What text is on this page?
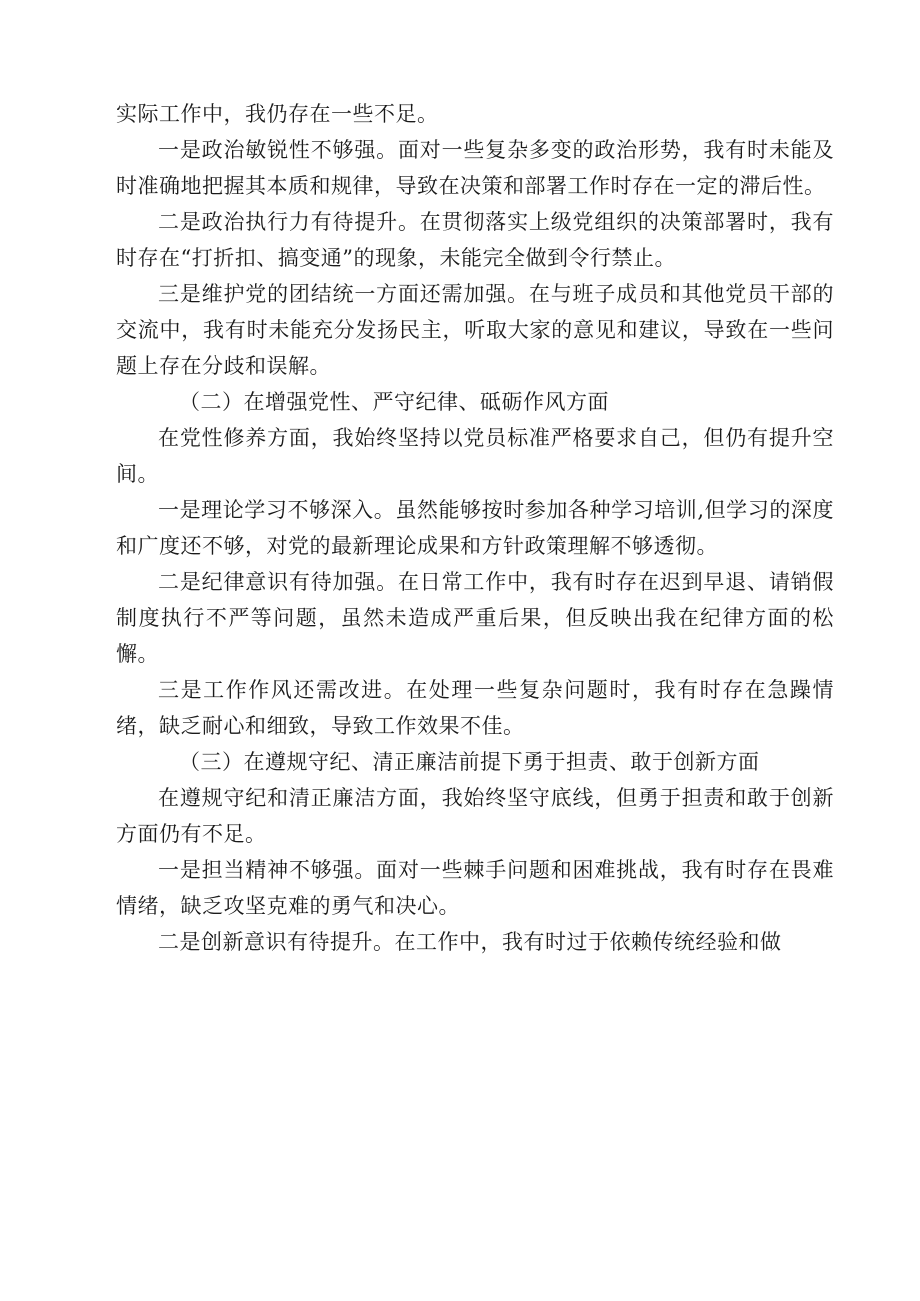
实际工作中，我仍存在一些不足。

一是政治敏锐性不够强。面对一些复杂多变的政治形势，我有时未能及时准确地把握其本质和规律，导致在决策和部署工作时存在一定的滞后性。

二是政治执行力有待提升。在贯彻落实上级党组织的决策部署时，我有时存在“打折扣、搞变通”的现象，未能完全做到令行禁止。

三是维护党的团结统一方面还需加强。在与班子成员和其他党员干部的交流中，我有时未能充分发扬民主，听取大家的意见和建议，导致在一些问题上存在分歧和误解。

（二）在增强党性、严守纪律、砥砺作风方面

在党性修养方面，我始终坚持以党员标准严格要求自己，但仍有提升空间。

一是理论学习不够深入。虽然能够按时参加各种学习培训,但学习的深度和广度还不够，对党的最新理论成果和方针政策理解不够透彻。

二是纪律意识有待加强。在日常工作中，我有时存在迟到早退、请销假制度执行不严等问题，虽然未造成严重后果，但反映出我在纪律方面的松懈。

三是工作作风还需改进。在处理一些复杂问题时，我有时存在急躁情绪，缺乏耐心和细致，导致工作效果不佳。

（三）在遵规守纪、清正廉洁前提下勇于担责、敢于创新方面

在遵规守纪和清正廉洁方面，我始终坚守底线，但勇于担责和敢于创新方面仍有不足。

一是担当精神不够强。面对一些棘手问题和困难挑战，我有时存在畏难情绪，缺乏攻坚克难的勇气和决心。

二是创新意识有待提升。在工作中，我有时过于依赖传统经验和做
